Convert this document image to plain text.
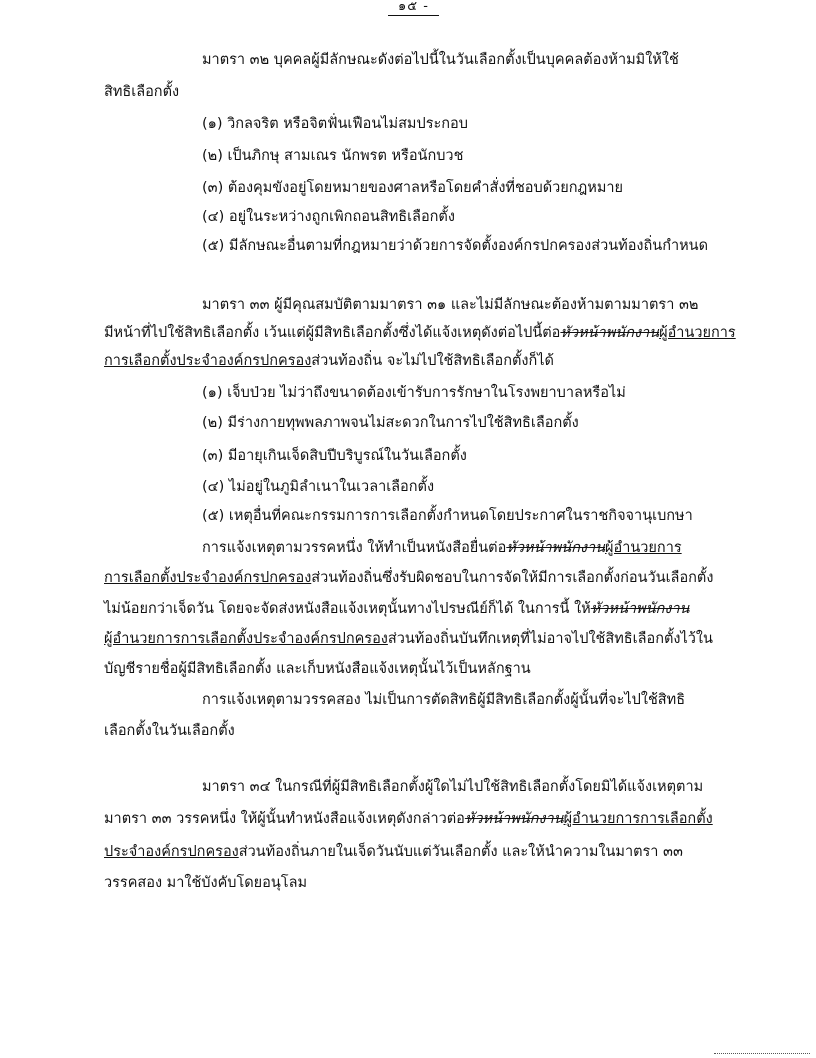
๑๕ -

มาตรา ๓๒ บุคคลผู้มีลักษณะดังต่อไปนี้ในวันเลือกตั้งเป็นบุคคลต้องห้ามมิให้ใช้

สิทธิเลือกตั้ง

(๑) วิกลจริต หรือจิตฟั่นเฟือนไม่สมประกอบ

(๒) เป็นภิกษุ สามเณร นักพรต หรือนักบวช

(๓) ต้องคุมขังอยู่โดยหมายของศาลหรือโดยคำสั่งที่ชอบด้วยกฎหมาย

(๔) อยู่ในระหว่างถูกเพิกถอนสิทธิเลือกตั้ง

(๕) มีลักษณะอื่นตามที่กฎหมายว่าด้วยการจัดตั้งองค์กรปกครองส่วนท้องถิ่นกำหนด

มาตรา ๓๓ ผู้มีคุณสมบัติตามมาตรา ๓๑ และไม่มีลักษณะต้องห้ามตามมาตรา ๓๒

มีหน้าที่ไปใช้สิทธิเลือกตั้ง เว้นแต่ผู้มีสิทธิเลือกตั้งซึ่งได้แจ้งเหตุดังต่อไปนี้ต่อหัวหน้าพนักงานผู้อำนวยการ

การเลือกตั้งประจำองค์กรปกครองส่วนท้องถิ่น จะไม่ไปใช้สิทธิเลือกตั้งก็ได้

(๑) เจ็บป่วย ไม่ว่าถึงขนาดต้องเข้ารับการรักษาในโรงพยาบาลหรือไม่

(๒) มีร่างกายทุพพลภาพจนไม่สะดวกในการไปใช้สิทธิเลือกตั้ง

(๓) มีอายุเกินเจ็ดสิบปีบริบูรณ์ในวันเลือกตั้ง

(๔) ไม่อยู่ในภูมิลำเนาในเวลาเลือกตั้ง

(๕) เหตุอื่นที่คณะกรรมการการเลือกตั้งกำหนดโดยประกาศในราชกิจจานุเบกษา

การแจ้งเหตุตามวรรคหนึ่ง ให้ทำเป็นหนังสือยื่นต่อหัวหน้าพนักงานผู้อำนวยการ

การเลือกตั้งประจำองค์กรปกครองส่วนท้องถิ่นซึ่งรับผิดชอบในการจัดให้มีการเลือกตั้งก่อนวันเลือกตั้ง

ไม่น้อยกว่าเจ็ดวัน โดยจะจัดส่งหนังสือแจ้งเหตุนั้นทางไปรษณีย์ก็ได้ ในการนี้ ให้หัวหน้าพนักงาน

ผู้อำนวยการการเลือกตั้งประจำองค์กรปกครองส่วนท้องถิ่นบันทึกเหตุที่ไม่อาจไปใช้สิทธิเลือกตั้งไว้ใน

บัญชีรายชื่อผู้มีสิทธิเลือกตั้ง และเก็บหนังสือแจ้งเหตุนั้นไว้เป็นหลักฐาน

การแจ้งเหตุตามวรรคสอง ไม่เป็นการตัดสิทธิผู้มีสิทธิเลือกตั้งผู้นั้นที่จะไปใช้สิทธิ

เลือกตั้งในวันเลือกตั้ง

มาตรา ๓๔ ในกรณีที่ผู้มีสิทธิเลือกตั้งผู้ใดไม่ไปใช้สิทธิเลือกตั้งโดยมิได้แจ้งเหตุตาม

มาตรา ๓๓ วรรคหนึ่ง ให้ผู้นั้นทำหนังสือแจ้งเหตุดังกล่าวต่อหัวหน้าพนักงานผู้อำนวยการการเลือกตั้ง

ประจำองค์กรปกครองส่วนท้องถิ่นภายในเจ็ดวันนับแต่วันเลือกตั้ง และให้นำความในมาตรา ๓๓

วรรคสอง มาใช้บังคับโดยอนุโลม
